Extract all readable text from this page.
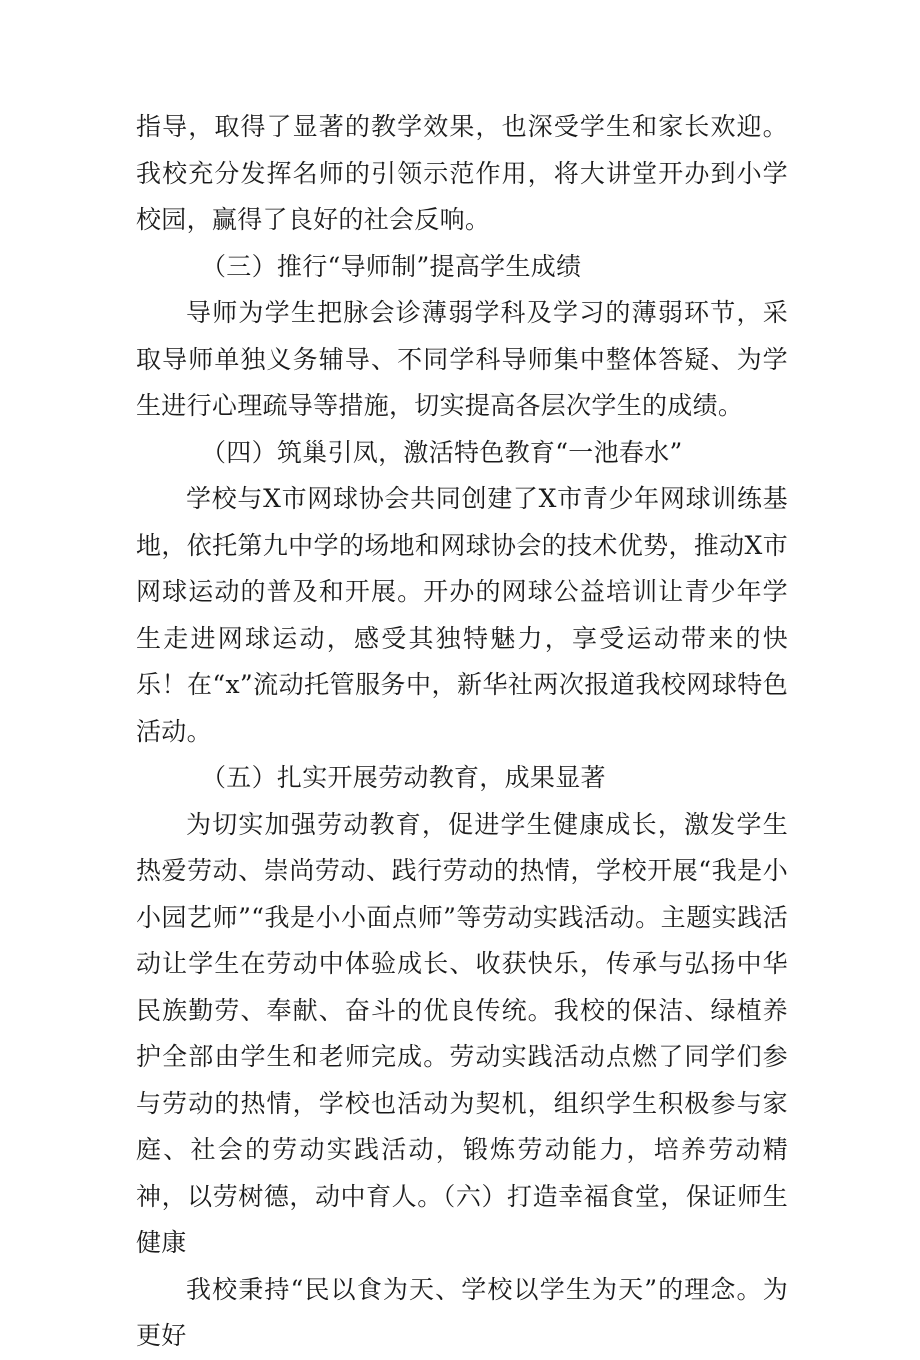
指导，取得了显著的教学效果，也深受学生和家长欢迎。我校充分发挥名师的引领示范作用，将大讲堂开办到小学校园，赢得了良好的社会反响。

（三）推行“导师制”提高学生成绩

导师为学生把脉会诊薄弱学科及学习的薄弱环节，采取导师单独义务辅导、不同学科导师集中整体答疑、为学生进行心理疏导等措施，切实提高各层次学生的成绩。

（四）筑巢引凤，激活特色教育“一池春水”

学校与X市网球协会共同创建了X市青少年网球训练基地，依托第九中学的场地和网球协会的技术优势，推动X市网球运动的普及和开展。开办的网球公益培训让青少年学生走进网球运动，感受其独特魅力，享受运动带来的快乐！在“x”流动托管服务中，新华社两次报道我校网球特色活动。

（五）扎实开展劳动教育，成果显著

为切实加强劳动教育，促进学生健康成长，激发学生热爱劳动、崇尚劳动、践行劳动的热情，学校开展“我是小小园艺师”“我是小小面点师”等劳动实践活动。主题实践活动让学生在劳动中体验成长、收获快乐，传承与弘扬中华民族勤劳、奉献、奋斗的优良传统。我校的保洁、绿植养护全部由学生和老师完成。劳动实践活动点燃了同学们参与劳动的热情，学校也活动为契机，组织学生积极参与家庭、社会的劳动实践活动，锻炼劳动能力，培养劳动精神，以劳树德，动中育人。（六）打造幸福食堂，保证师生健康

我校秉持“民以食为天、学校以学生为天”的理念。为更好
